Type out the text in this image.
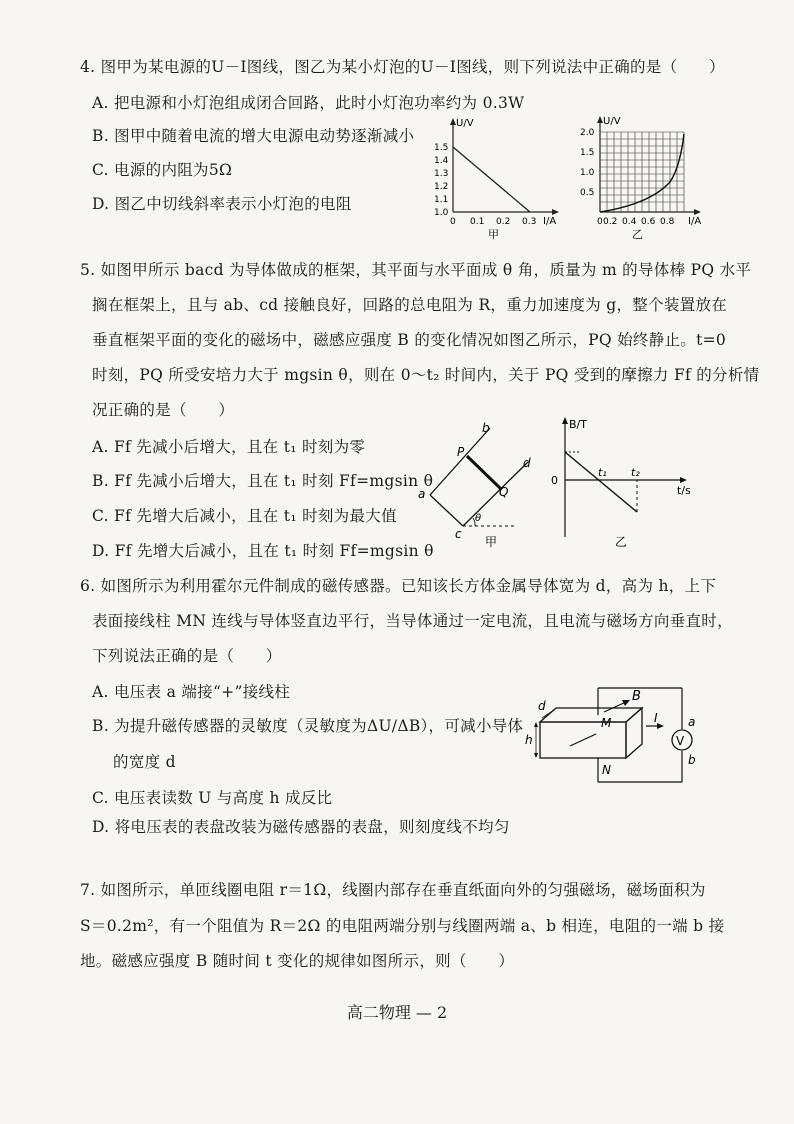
4. 图甲为某电源的U－I图线，图乙为某小灯泡的U－I图线，则下列说法中正确的是（　　）
A. 把电源和小灯泡组成闭合回路，此时小灯泡功率约为 0.3W
B. 图甲中随着电流的增大电源电动势逐渐减小
C. 电源的内阻为5Ω
D. 图乙中切线斜率表示小灯泡的电阻
U/V
I/A
1.5
1.4
1.3
1.2
1.1
1.0
0 0.1 0.2 0.3
甲
U/V
I/A
2.0
1.5
1.0
0.5
0 0.2 0.4 0.6 0.8
乙
5. 如图甲所示 bacd 为导体做成的框架，其平面与水平面成 θ 角，质量为 m 的导体棒 PQ 水平
搁在框架上，且与 ab、cd 接触良好，回路的总电阻为 R，重力加速度为 g，整个装置放在
垂直框架平面的变化的磁场中，磁感应强度 B 的变化情况如图乙所示，PQ 始终静止。t=0
时刻，PQ 所受安培力大于 mgsin θ，则在 0～t₂ 时间内，关于 PQ 受到的摩擦力 Ff 的分析情
况正确的是（　　）
A. Ff 先减小后增大，且在 t₁ 时刻为零
B. Ff 先减小后增大，且在 t₁ 时刻 Ff=mgsin θ
C. Ff 先增大后减小，且在 t₁ 时刻为最大值
D. Ff 先增大后减小，且在 t₁ 时刻 Ff=mgsin θ
b
P
d
a	Q
θ
c
甲
B/T
t/s
0
t₁ t₂
乙
6. 如图所示为利用霍尔元件制成的磁传感器。已知该长方体金属导体宽为 d，高为 h，上下
表面接线柱 MN 连线与导体竖直边平行，当导体通过一定电流，且电流与磁场方向垂直时，
下列说法正确的是（　　）
A. 电压表 a 端接“+”接线柱
B. 为提升磁传感器的灵敏度（灵敏度为ΔU/ΔB），可减小导体
　 的宽度 d
C. 电压表读数 U 与高度 h 成反比
D. 将电压表的表盘改装为磁传感器的表盘，则刻度线不均匀
V
B
d
M	I	a
h
N
b
7. 如图所示，单匝线圈电阻 r＝1Ω，线圈内部存在垂直纸面向外的匀强磁场，磁场面积为
S＝0.2m²，有一个阻值为 R＝2Ω 的电阻两端分别与线圈两端 a、b 相连，电阻的一端 b 接
地。磁感应强度 B 随时间 t 变化的规律如图所示，则（　　）
高二物理 — 2
